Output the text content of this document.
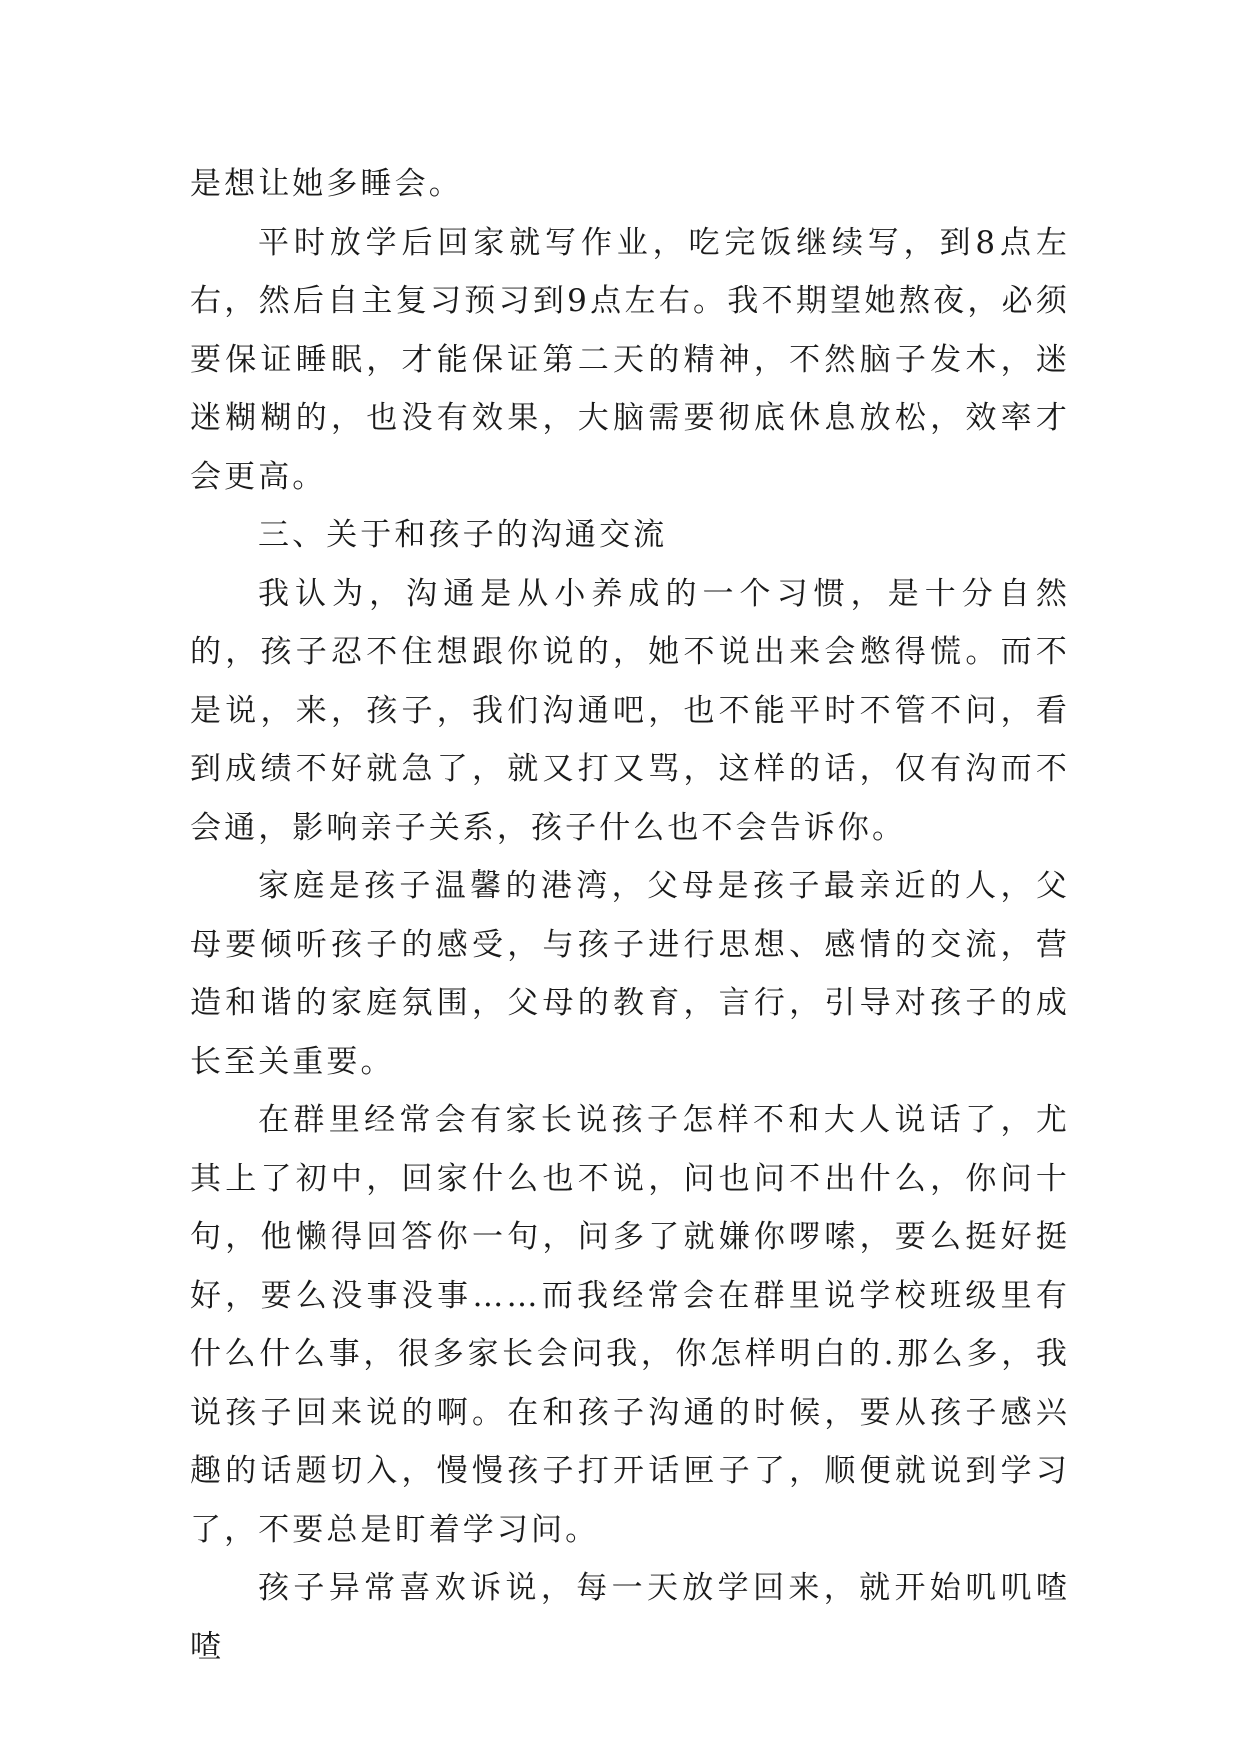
是想让她多睡会。

平时放学后回家就写作业，吃完饭继续写，到8点左右，然后自主复习预习到9点左右。我不期望她熬夜，必须要保证睡眠，才能保证第二天的精神，不然脑子发木，迷迷糊糊的，也没有效果，大脑需要彻底休息放松，效率才会更高。

三、关于和孩子的沟通交流

我认为，沟通是从小养成的一个习惯，是十分自然的，孩子忍不住想跟你说的，她不说出来会憋得慌。而不是说，来，孩子，我们沟通吧，也不能平时不管不问，看到成绩不好就急了，就又打又骂，这样的话，仅有沟而不会通，影响亲子关系，孩子什么也不会告诉你。

家庭是孩子温馨的港湾，父母是孩子最亲近的人，父母要倾听孩子的感受，与孩子进行思想、感情的交流，营造和谐的家庭氛围，父母的教育，言行，引导对孩子的成长至关重要。

在群里经常会有家长说孩子怎样不和大人说话了，尤其上了初中，回家什么也不说，问也问不出什么，你问十句，他懒得回答你一句，问多了就嫌你啰嗦，要么挺好挺好，要么没事没事……而我经常会在群里说学校班级里有什么什么事，很多家长会问我，你怎样明白的.那么多，我说孩子回来说的啊。在和孩子沟通的时候，要从孩子感兴趣的话题切入，慢慢孩子打开话匣子了，顺便就说到学习了，不要总是盯着学习问。

孩子异常喜欢诉说，每一天放学回来，就开始叽叽喳喳
